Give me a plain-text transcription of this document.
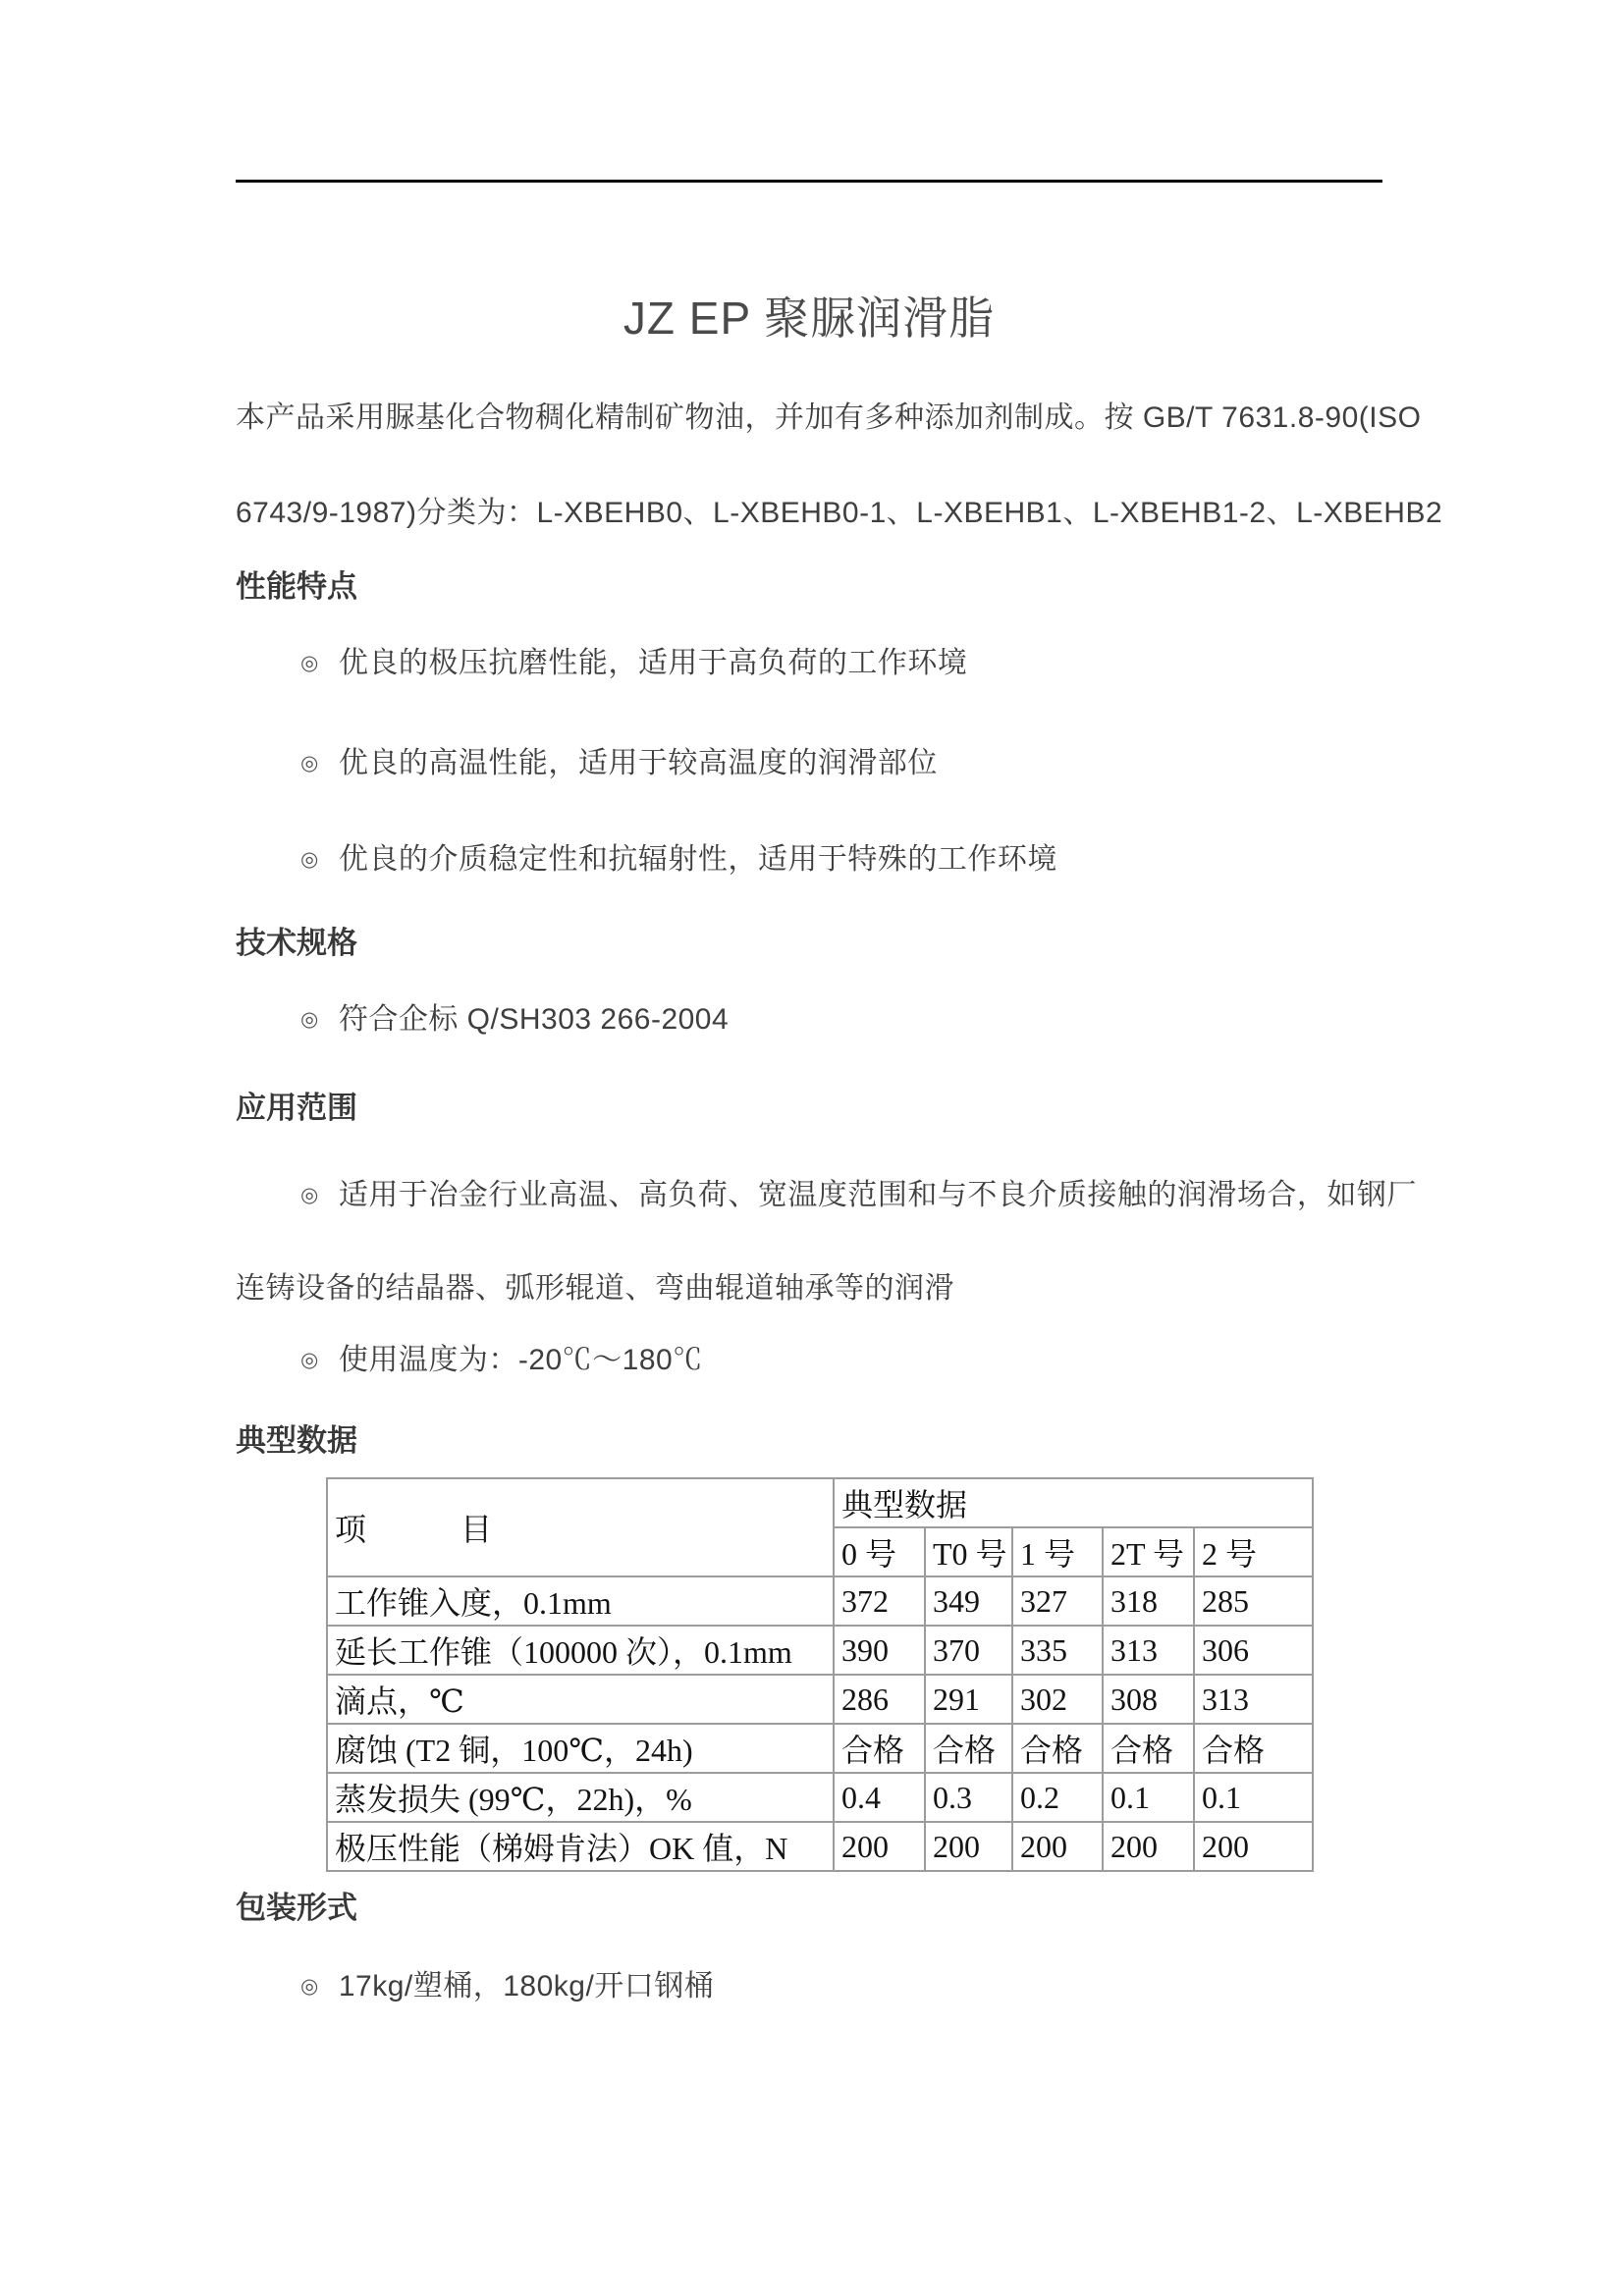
JZ EP 聚脲润滑脂
本产品采用脲基化合物稠化精制矿物油，并加有多种添加剂制成。按 GB/T 7631.8-90(ISO
6743/9-1987)分类为：L-XBEHB0、L-XBEHB0-1、L-XBEHB1、L-XBEHB1-2、L-XBEHB2
性能特点
◎ 优良的极压抗磨性能，适用于高负荷的工作环境
◎ 优良的高温性能，适用于较高温度的润滑部位
◎ 优良的介质稳定性和抗辐射性，适用于特殊的工作环境
技术规格
◎ 符合企标 Q/SH303 266-2004
应用范围
◎ 适用于冶金行业高温、高负荷、宽温度范围和与不良介质接触的润滑场合，如钢厂
连铸设备的结晶器、弧形辊道、弯曲辊道轴承等的润滑
◎ 使用温度为：-20℃～180℃
典型数据
项　　　目	典型数据				
	0 号	T0 号	1 号	2T 号	2 号
工作锥入度，0.1mm	372	349	327	318	285
延长工作锥（100000 次），0.1mm	390	370	335	313	306
滴点，℃	286	291	302	308	313
腐蚀 (T2 铜，100℃，24h)	合格	合格	合格	合格	合格
蒸发损失 (99℃，22h)，%	0.4	0.3	0.2	0.1	0.1
极压性能（梯姆肯法）OK 值，N	200	200	200	200	200
包装形式
◎ 17kg/塑桶，180kg/开口钢桶
